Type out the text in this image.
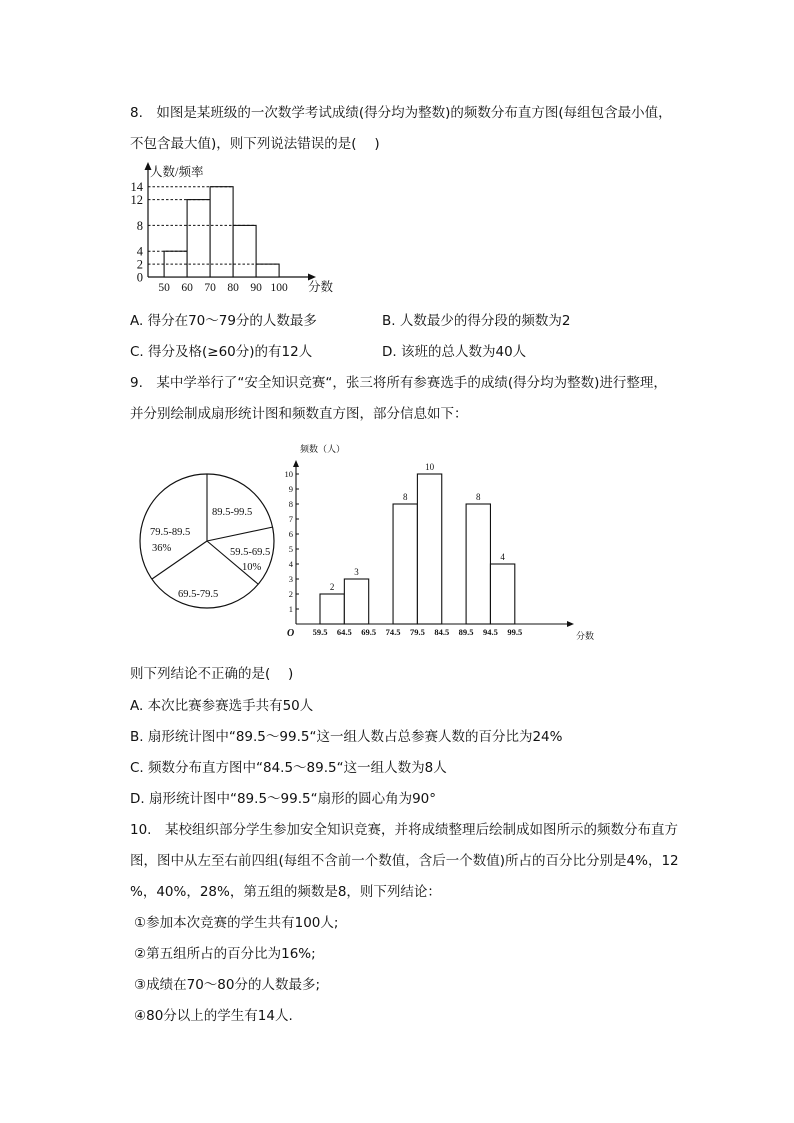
8.　如图是某班级的一次数学考试成绩(得分均为整数)的频数分布直方图(每组包含最小值，
不包含最大值)，则下列说法错误的是(　 )
人数/频率
分数
14
12
8
4
2
0
50 60 70 80 90 100
A. 得分在70～79分的人数最多	B. 人数最少的得分段的频数为2
C. 得分及格(≥60分)的有12人	D. 该班的总人数为40人
9.　某中学举行了“安全知识竞赛“，张三将所有参赛选手的成绩(得分均为整数)进行整理，
并分别绘制成扇形统计图和频数直方图，部分信息如下：
89.5-99.5
59.5-69.5
10%
69.5-79.5
79.5-89.5
36%
频数（人）
分数
O
1
2
3
4
5
6
7
8
9
10
59.5 64.5 69.5 74.5 79.5 84.5 89.5 94.5 99.5
2
3
8
10
8
4
则下列结论不正确的是(　 )
A. 本次比赛参赛选手共有50人
B. 扇形统计图中“89.5～99.5“这一组人数占总参赛人数的百分比为24%
C. 频数分布直方图中“84.5～89.5“这一组人数为8人
D. 扇形统计图中“89.5～99.5“扇形的圆心角为90°
10.　某校组织部分学生参加安全知识竞赛，并将成绩整理后绘制成如图所示的频数分布直方
图，图中从左至右前四组(每组不含前一个数值，含后一个数值)所占的百分比分别是4%，12
%，40%，28%，第五组的频数是8，则下列结论：
①参加本次竞赛的学生共有100人;
②第五组所占的百分比为16%;
③成绩在70～80分的人数最多;
④80分以上的学生有14人.
